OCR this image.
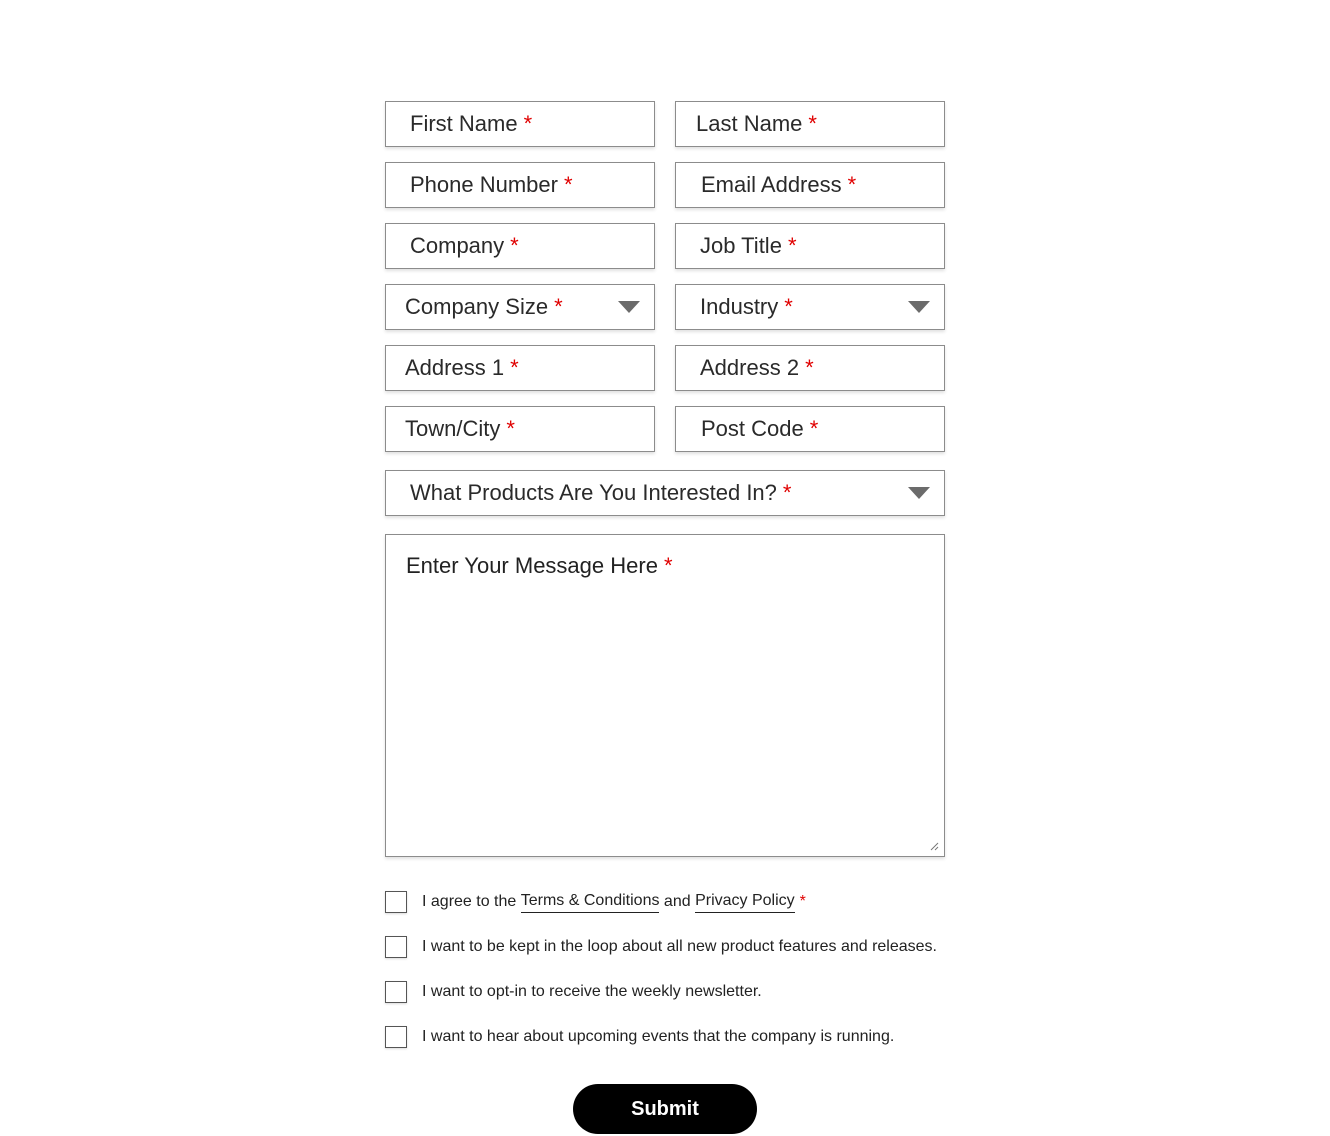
First Name *	Last Name *
Phone Number *	Email Address *
Company *	Job Title *
Company Size *	Industry *
Address 1 *	Address 2 *
Town/City *	Post Code *
What Products Are You Interested In? *
Enter Your Message Here *
I agree to the
Terms & Conditions
and
Privacy Policy *
I want to be kept in the loop about all new product features and releases.
I want to opt-in to receive the weekly newsletter.
I want to hear about upcoming events that the company is running.
Submit
